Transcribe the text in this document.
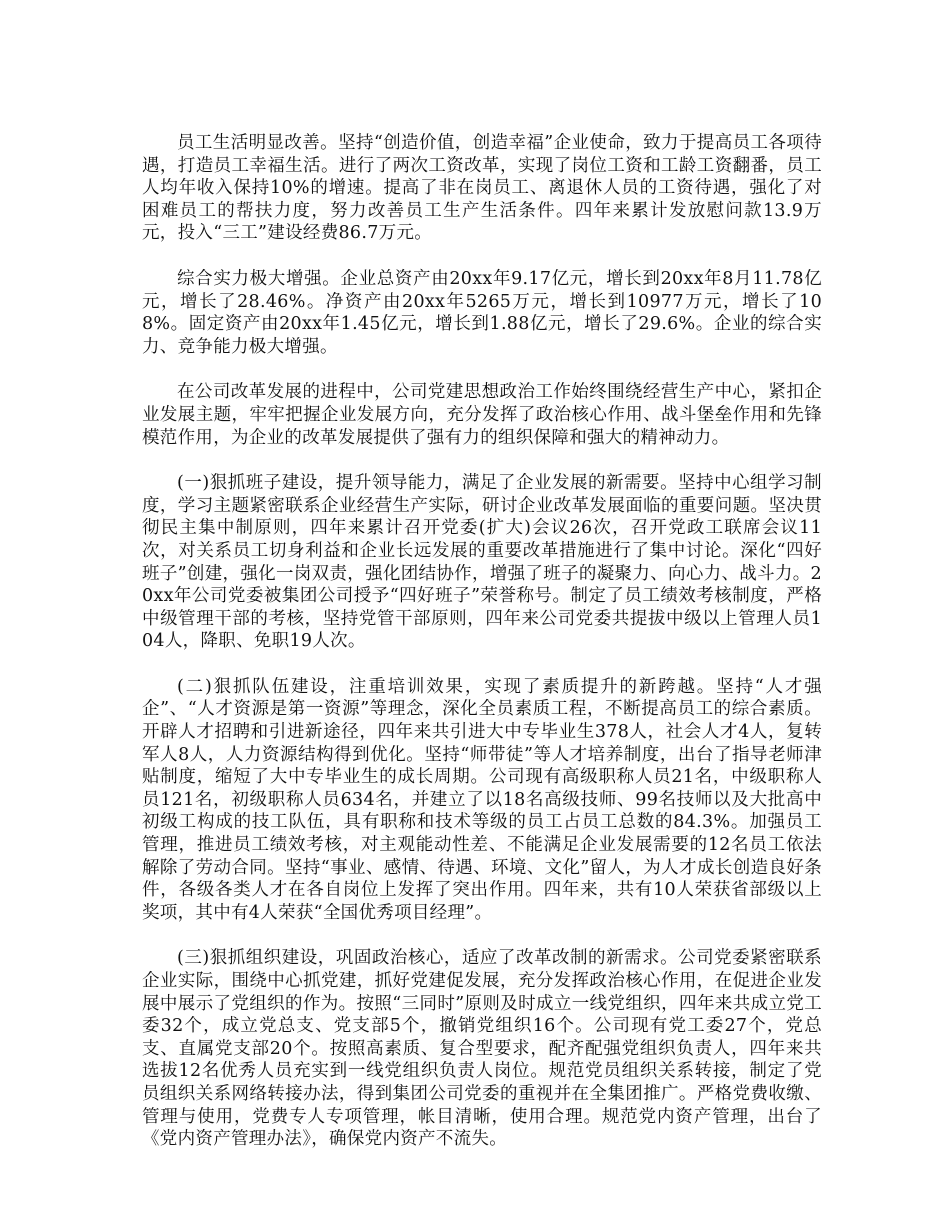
员工生活明显改善。坚持“创造价值，创造幸福”企业使命，致力于提高员工各项待遇，打造员工幸福生活。进行了两次工资改革，实现了岗位工资和工龄工资翻番，员工人均年收入保持10%的增速。提高了非在岗员工、离退休人员的工资待遇，强化了对困难员工的帮扶力度，努力改善员工生产生活条件。四年来累计发放慰问款13.9万元，投入“三工”建设经费86.7万元。

综合实力极大增强。企业总资产由20xx年9.17亿元，增长到20xx年8月11.78亿元，增长了28.46%。净资产由20xx年5265万元，增长到10977万元，增长了108%。固定资产由20xx年1.45亿元，增长到1.88亿元，增长了29.6%。企业的综合实力、竞争能力极大增强。

在公司改革发展的进程中，公司党建思想政治工作始终围绕经营生产中心，紧扣企业发展主题，牢牢把握企业发展方向，充分发挥了政治核心作用、战斗堡垒作用和先锋模范作用，为企业的改革发展提供了强有力的组织保障和强大的精神动力。

(一)狠抓班子建设，提升领导能力，满足了企业发展的新需要。坚持中心组学习制度，学习主题紧密联系企业经营生产实际，研讨企业改革发展面临的重要问题。坚决贯彻民主集中制原则，四年来累计召开党委(扩大)会议26次，召开党政工联席会议11次，对关系员工切身利益和企业长远发展的重要改革措施进行了集中讨论。深化“四好班子”创建，强化一岗双责，强化团结协作，增强了班子的凝聚力、向心力、战斗力。20xx年公司党委被集团公司授予“四好班子”荣誉称号。制定了员工绩效考核制度，严格中级管理干部的考核，坚持党管干部原则，四年来公司党委共提拔中级以上管理人员104人，降职、免职19人次。

(二)狠抓队伍建设，注重培训效果，实现了素质提升的新跨越。坚持“人才强企”、“人才资源是第一资源”等理念，深化全员素质工程，不断提高员工的综合素质。开辟人才招聘和引进新途径，四年来共引进大中专毕业生378人，社会人才4人，复转军人8人，人力资源结构得到优化。坚持“师带徒”等人才培养制度，出台了指导老师津贴制度，缩短了大中专毕业生的成长周期。公司现有高级职称人员21名，中级职称人员121名，初级职称人员634名，并建立了以18名高级技师、99名技师以及大批高中初级工构成的技工队伍，具有职称和技术等级的员工占员工总数的84.3%。加强员工管理，推进员工绩效考核，对主观能动性差、不能满足企业发展需要的12名员工依法解除了劳动合同。坚持“事业、感情、待遇、环境、文化”留人，为人才成长创造良好条件，各级各类人才在各自岗位上发挥了突出作用。四年来，共有10人荣获省部级以上奖项，其中有4人荣获“全国优秀项目经理”。

(三)狠抓组织建设，巩固政治核心，适应了改革改制的新需求。公司党委紧密联系企业实际，围绕中心抓党建，抓好党建促发展，充分发挥政治核心作用，在促进企业发展中展示了党组织的作为。按照“三同时”原则及时成立一线党组织，四年来共成立党工委32个，成立党总支、党支部5个，撤销党组织16个。公司现有党工委27个，党总支、直属党支部20个。按照高素质、复合型要求，配齐配强党组织负责人，四年来共选拔12名优秀人员充实到一线党组织负责人岗位。规范党员组织关系转接，制定了党员组织关系网络转接办法，得到集团公司党委的重视并在全集团推广。严格党费收缴、管理与使用，党费专人专项管理，帐目清晰，使用合理。规范党内资产管理，出台了《党内资产管理办法》，确保党内资产不流失。
